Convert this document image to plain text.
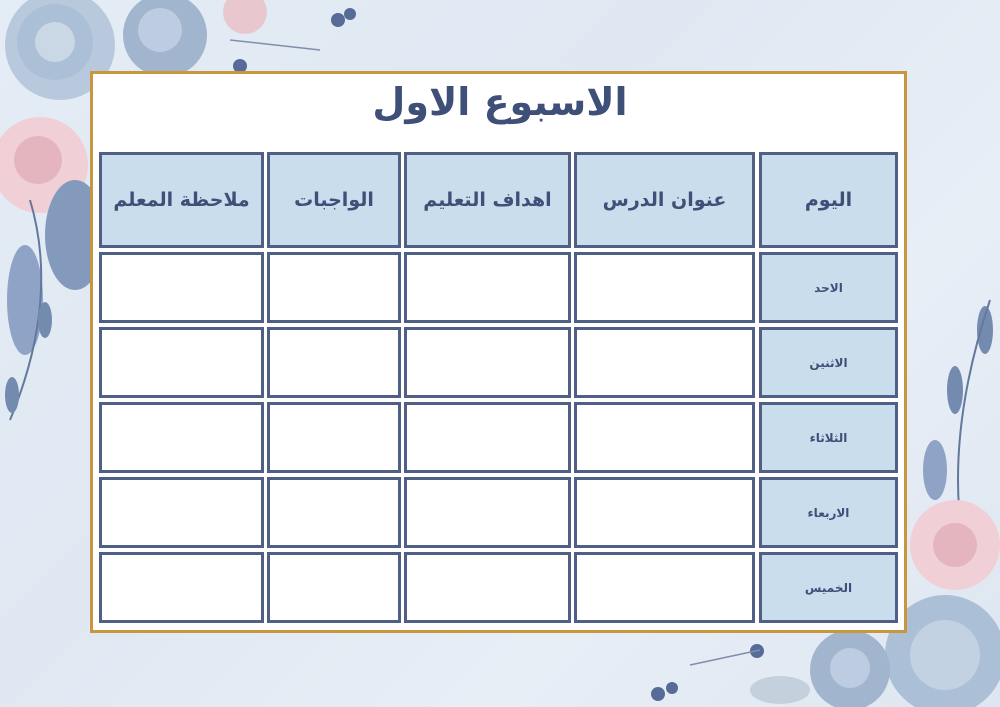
الاسبوع الاول
اليوم
عنوان الدرس
اهداف التعليم
الواجبات
ملاحظة المعلم
الاحد
الاثنين
الثلاثاء
الاربعاء
الخميس
